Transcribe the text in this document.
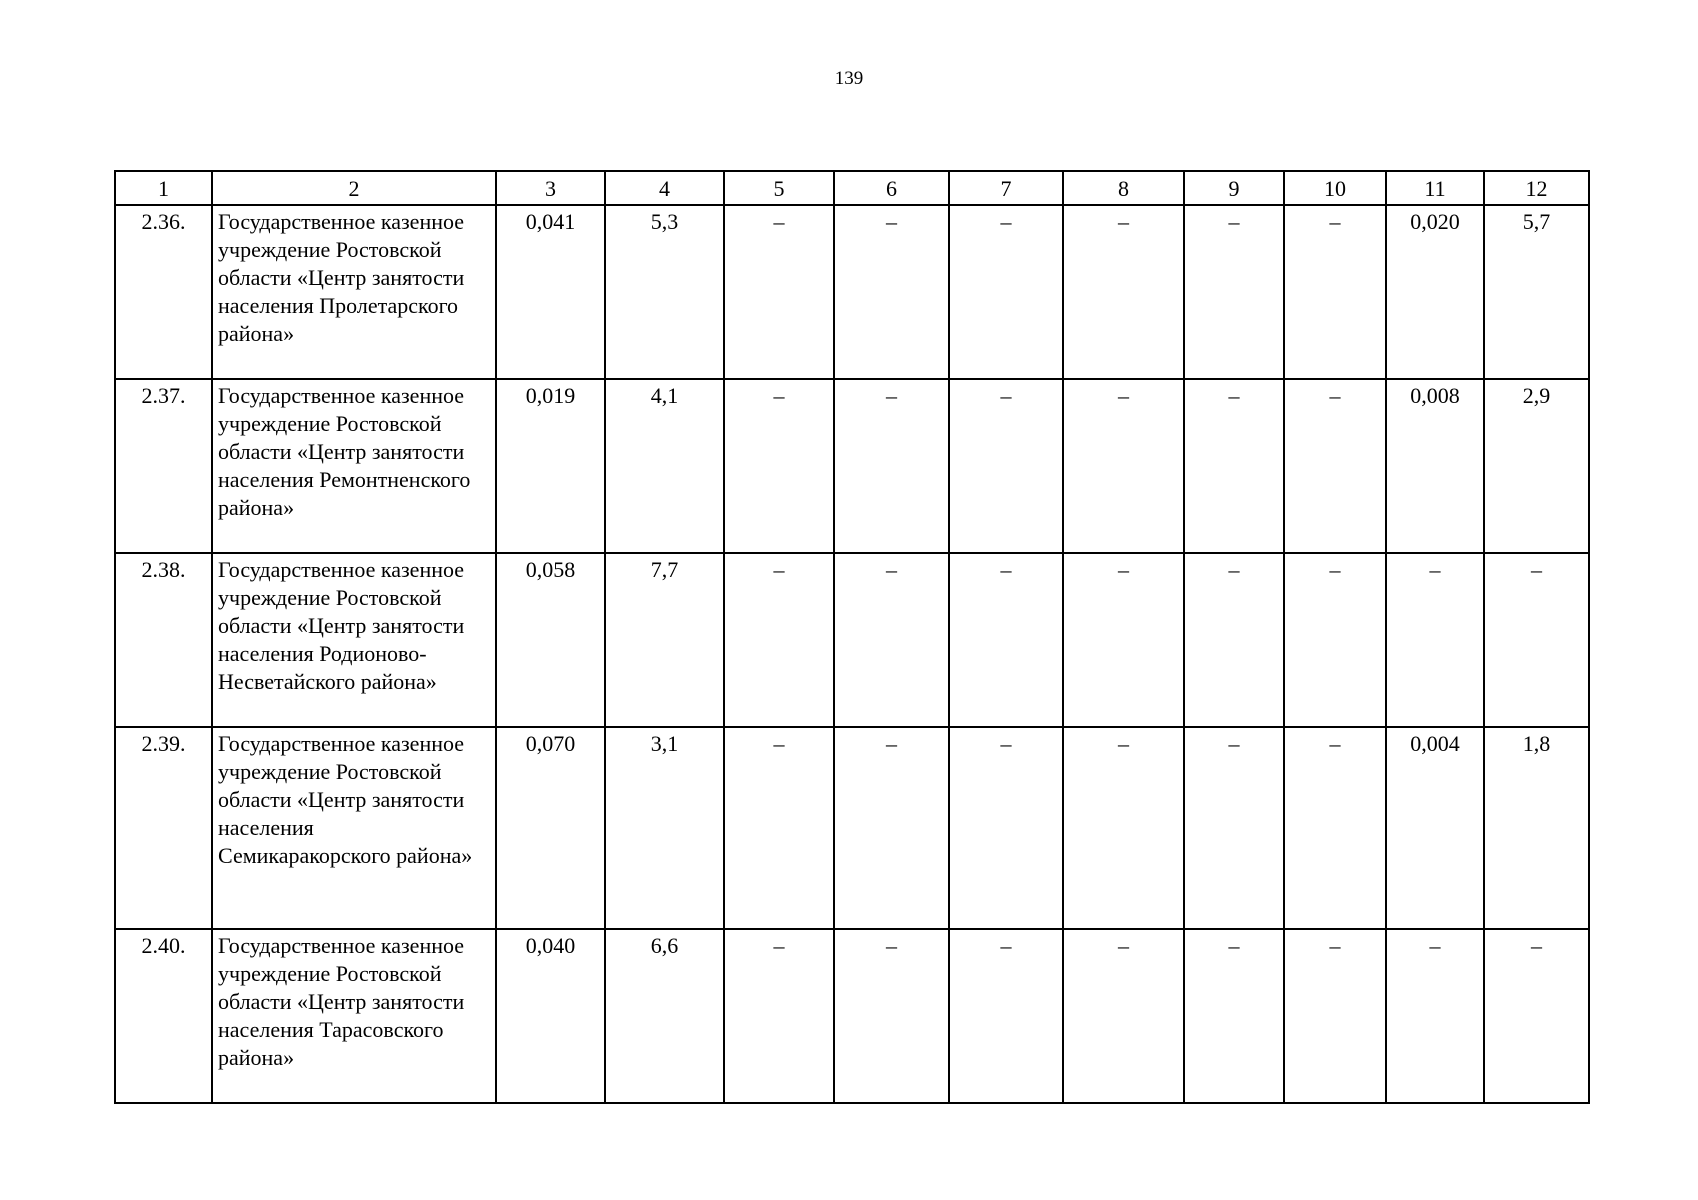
139
1	2	3	4	5	6	7	8	9	10	11	12
2.36.	Государственное казенное учреждение Ростовской области «Центр занятости населения Пролетарского района»	0,041	5,3	–	–	–	–	–	–	0,020	5,7
2.37.	Государственное казенное учреждение Ростовской области «Центр занятости населения Ремонтненского района»	0,019	4,1	–	–	–	–	–	–	0,008	2,9
2.38.	Государственное казенное учреждение Ростовской области «Центр занятости населения Родионово-Несветайского района»	0,058	7,7	–	–	–	–	–	–	–	–
2.39.	Государственное казенное учреждение Ростовской области «Центр занятости населения Семикаракорского района»	0,070	3,1	–	–	–	–	–	–	0,004	1,8
2.40.	Государственное казенное учреждение Ростовской области «Центр занятости населения Тарасовского района»	0,040	6,6	–	–	–	–	–	–	–	–
